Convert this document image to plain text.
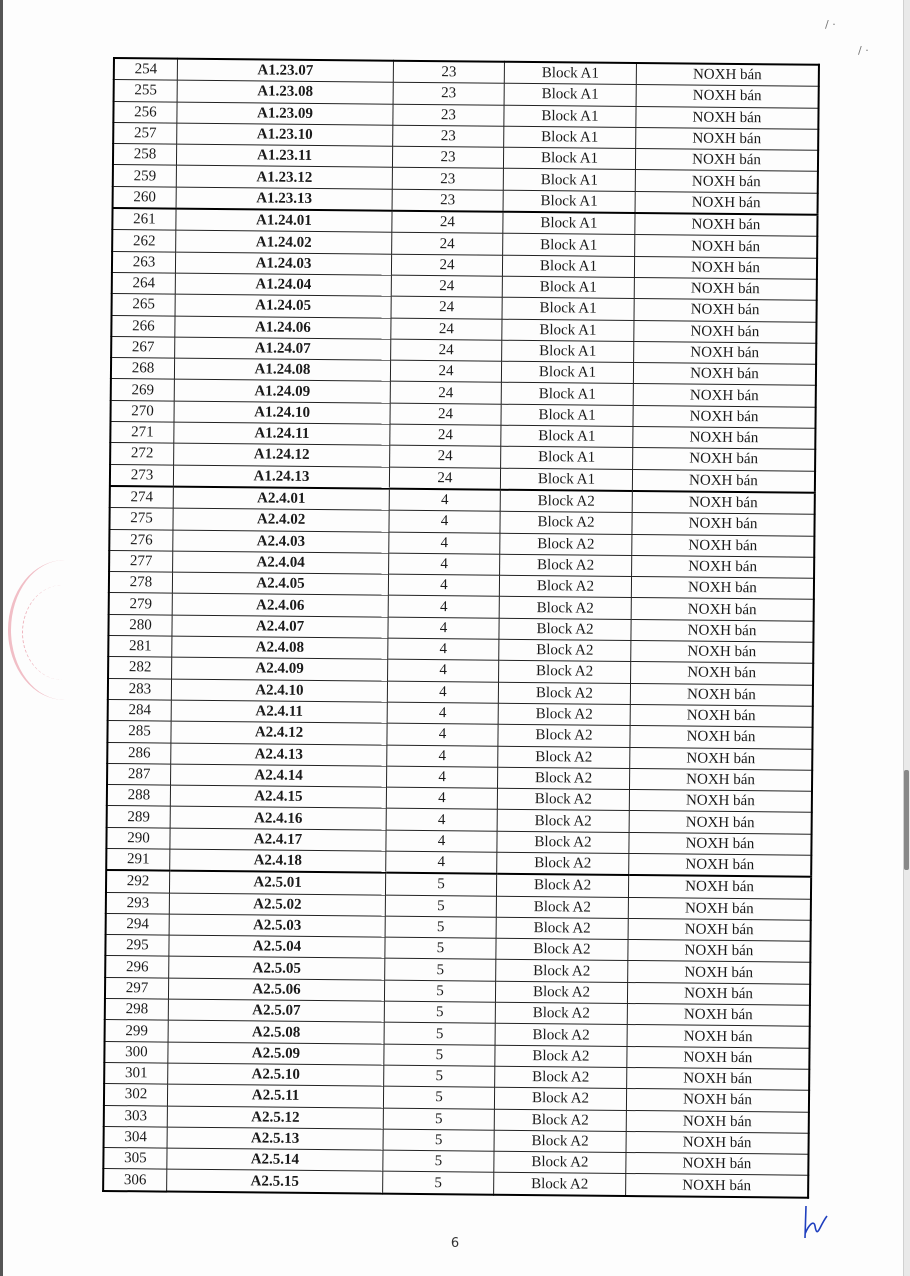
/ ·
/ ·
254	A1.23.07	23	Block A1	NOXH bán
255	A1.23.08	23	Block A1	NOXH bán
256	A1.23.09	23	Block A1	NOXH bán
257	A1.23.10	23	Block A1	NOXH bán
258	A1.23.11	23	Block A1	NOXH bán
259	A1.23.12	23	Block A1	NOXH bán
260	A1.23.13	23	Block A1	NOXH bán
261	A1.24.01	24	Block A1	NOXH bán
262	A1.24.02	24	Block A1	NOXH bán
263	A1.24.03	24	Block A1	NOXH bán
264	A1.24.04	24	Block A1	NOXH bán
265	A1.24.05	24	Block A1	NOXH bán
266	A1.24.06	24	Block A1	NOXH bán
267	A1.24.07	24	Block A1	NOXH bán
268	A1.24.08	24	Block A1	NOXH bán
269	A1.24.09	24	Block A1	NOXH bán
270	A1.24.10	24	Block A1	NOXH bán
271	A1.24.11	24	Block A1	NOXH bán
272	A1.24.12	24	Block A1	NOXH bán
273	A1.24.13	24	Block A1	NOXH bán
274	A2.4.01	4	Block A2	NOXH bán
275	A2.4.02	4	Block A2	NOXH bán
276	A2.4.03	4	Block A2	NOXH bán
277	A2.4.04	4	Block A2	NOXH bán
278	A2.4.05	4	Block A2	NOXH bán
279	A2.4.06	4	Block A2	NOXH bán
280	A2.4.07	4	Block A2	NOXH bán
281	A2.4.08	4	Block A2	NOXH bán
282	A2.4.09	4	Block A2	NOXH bán
283	A2.4.10	4	Block A2	NOXH bán
284	A2.4.11	4	Block A2	NOXH bán
285	A2.4.12	4	Block A2	NOXH bán
286	A2.4.13	4	Block A2	NOXH bán
287	A2.4.14	4	Block A2	NOXH bán
288	A2.4.15	4	Block A2	NOXH bán
289	A2.4.16	4	Block A2	NOXH bán
290	A2.4.17	4	Block A2	NOXH bán
291	A2.4.18	4	Block A2	NOXH bán
292	A2.5.01	5	Block A2	NOXH bán
293	A2.5.02	5	Block A2	NOXH bán
294	A2.5.03	5	Block A2	NOXH bán
295	A2.5.04	5	Block A2	NOXH bán
296	A2.5.05	5	Block A2	NOXH bán
297	A2.5.06	5	Block A2	NOXH bán
298	A2.5.07	5	Block A2	NOXH bán
299	A2.5.08	5	Block A2	NOXH bán
300	A2.5.09	5	Block A2	NOXH bán
301	A2.5.10	5	Block A2	NOXH bán
302	A2.5.11	5	Block A2	NOXH bán
303	A2.5.12	5	Block A2	NOXH bán
304	A2.5.13	5	Block A2	NOXH bán
305	A2.5.14	5	Block A2	NOXH bán
306	A2.5.15	5	Block A2	NOXH bán
6
